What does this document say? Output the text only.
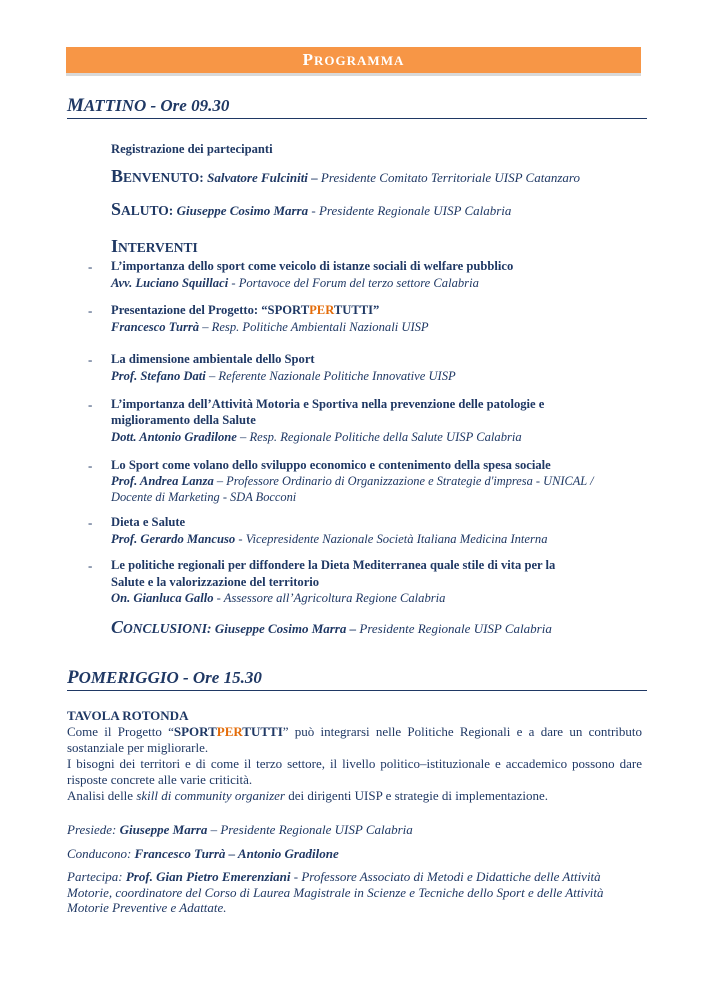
PROGRAMMA
MATTINO - Ore 09.30
Registrazione dei partecipanti
BENVENUTO: Salvatore Fulciniti – Presidente Comitato Territoriale UISP Catanzaro
SALUTO: Giuseppe Cosimo Marra - Presidente Regionale UISP Calabria
INTERVENTI
- L’importanza dello sport come veicolo di istanze sociali di welfare pubblico
Avv. Luciano Squillaci - Portavoce del Forum del terzo settore Calabria
- Presentazione del Progetto: “SPORTPERTUTTI”
Francesco Turrà – Resp. Politiche Ambientali Nazionali UISP
- La dimensione ambientale dello Sport
Prof. Stefano Dati – Referente Nazionale Politiche Innovative UISP
- L’importanza dell’Attività Motoria e Sportiva nella prevenzione delle patologie e
miglioramento della Salute
Dott. Antonio Gradilone – Resp. Regionale Politiche della Salute UISP Calabria
- Lo Sport come volano dello sviluppo economico e contenimento della spesa sociale
Prof. Andrea Lanza – Professore Ordinario di Organizzazione e Strategie d'impresa - UNICAL /
Docente di Marketing - SDA Bocconi
- Dieta e Salute
Prof. Gerardo Mancuso - Vicepresidente Nazionale Società Italiana Medicina Interna
- Le politiche regionali per diffondere la Dieta Mediterranea quale stile di vita per la
Salute e la valorizzazione del territorio
On. Gianluca Gallo - Assessore all’Agricoltura Regione Calabria
CONCLUSIONI: Giuseppe Cosimo Marra – Presidente Regionale UISP Calabria
POMERIGGIO - Ore 15.30
TAVOLA ROTONDA
Come il Progetto “SPORTPERTUTTI” può integrarsi nelle Politiche Regionali e a dare un contributo sostanziale per migliorarle.
I bisogni dei territori e di come il terzo settore, il livello politico–istituzionale e accademico possono dare risposte concrete alle varie criticità.
Analisi delle skill di community organizer dei dirigenti UISP e strategie di implementazione.
Presiede: Giuseppe Marra – Presidente Regionale UISP Calabria
Conducono: Francesco Turrà – Antonio Gradilone
Partecipa: Prof. Gian Pietro Emerenziani - Professore Associato di Metodi e Didattiche delle Attività Motorie, coordinatore del Corso di Laurea Magistrale in Scienze e Tecniche dello Sport e delle Attività Motorie Preventive e Adattate.
